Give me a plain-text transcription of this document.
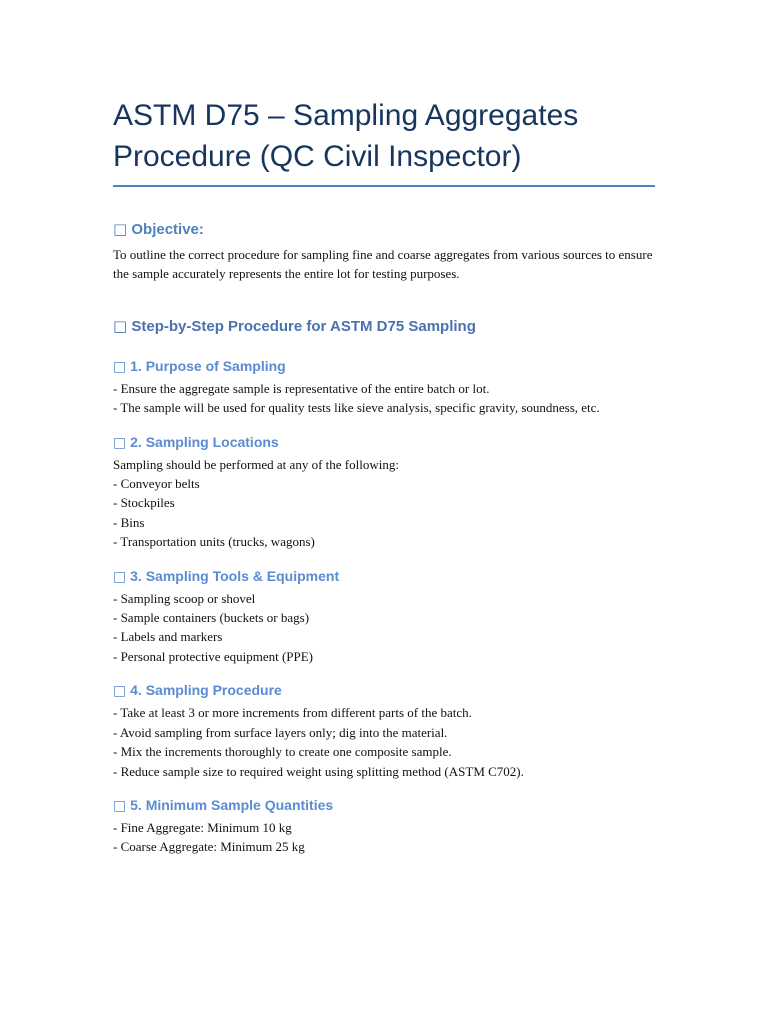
ASTM D75 – Sampling Aggregates
Procedure (QC Civil Inspector)
□ Objective:

To outline the correct procedure for sampling fine and coarse aggregates from various sources to ensure the sample accurately represents the entire lot for testing purposes.

□ Step-by-Step Procedure for ASTM D75 Sampling
□ 1. Purpose of Sampling
- Ensure the aggregate sample is representative of the entire batch or lot.
- The sample will be used for quality tests like sieve analysis, specific gravity, soundness, etc.
□ 2. Sampling Locations

Sampling should be performed at any of the following:

- Conveyor belts
- Stockpiles
- Bins
- Transportation units (trucks, wagons)
□ 3. Sampling Tools & Equipment
- Sampling scoop or shovel
- Sample containers (buckets or bags)
- Labels and markers
- Personal protective equipment (PPE)
□ 4. Sampling Procedure
- Take at least 3 or more increments from different parts of the batch.
- Avoid sampling from surface layers only; dig into the material.
- Mix the increments thoroughly to create one composite sample.
- Reduce sample size to required weight using splitting method (ASTM C702).
□ 5. Minimum Sample Quantities
- Fine Aggregate: Minimum 10 kg
- Coarse Aggregate: Minimum 25 kg
